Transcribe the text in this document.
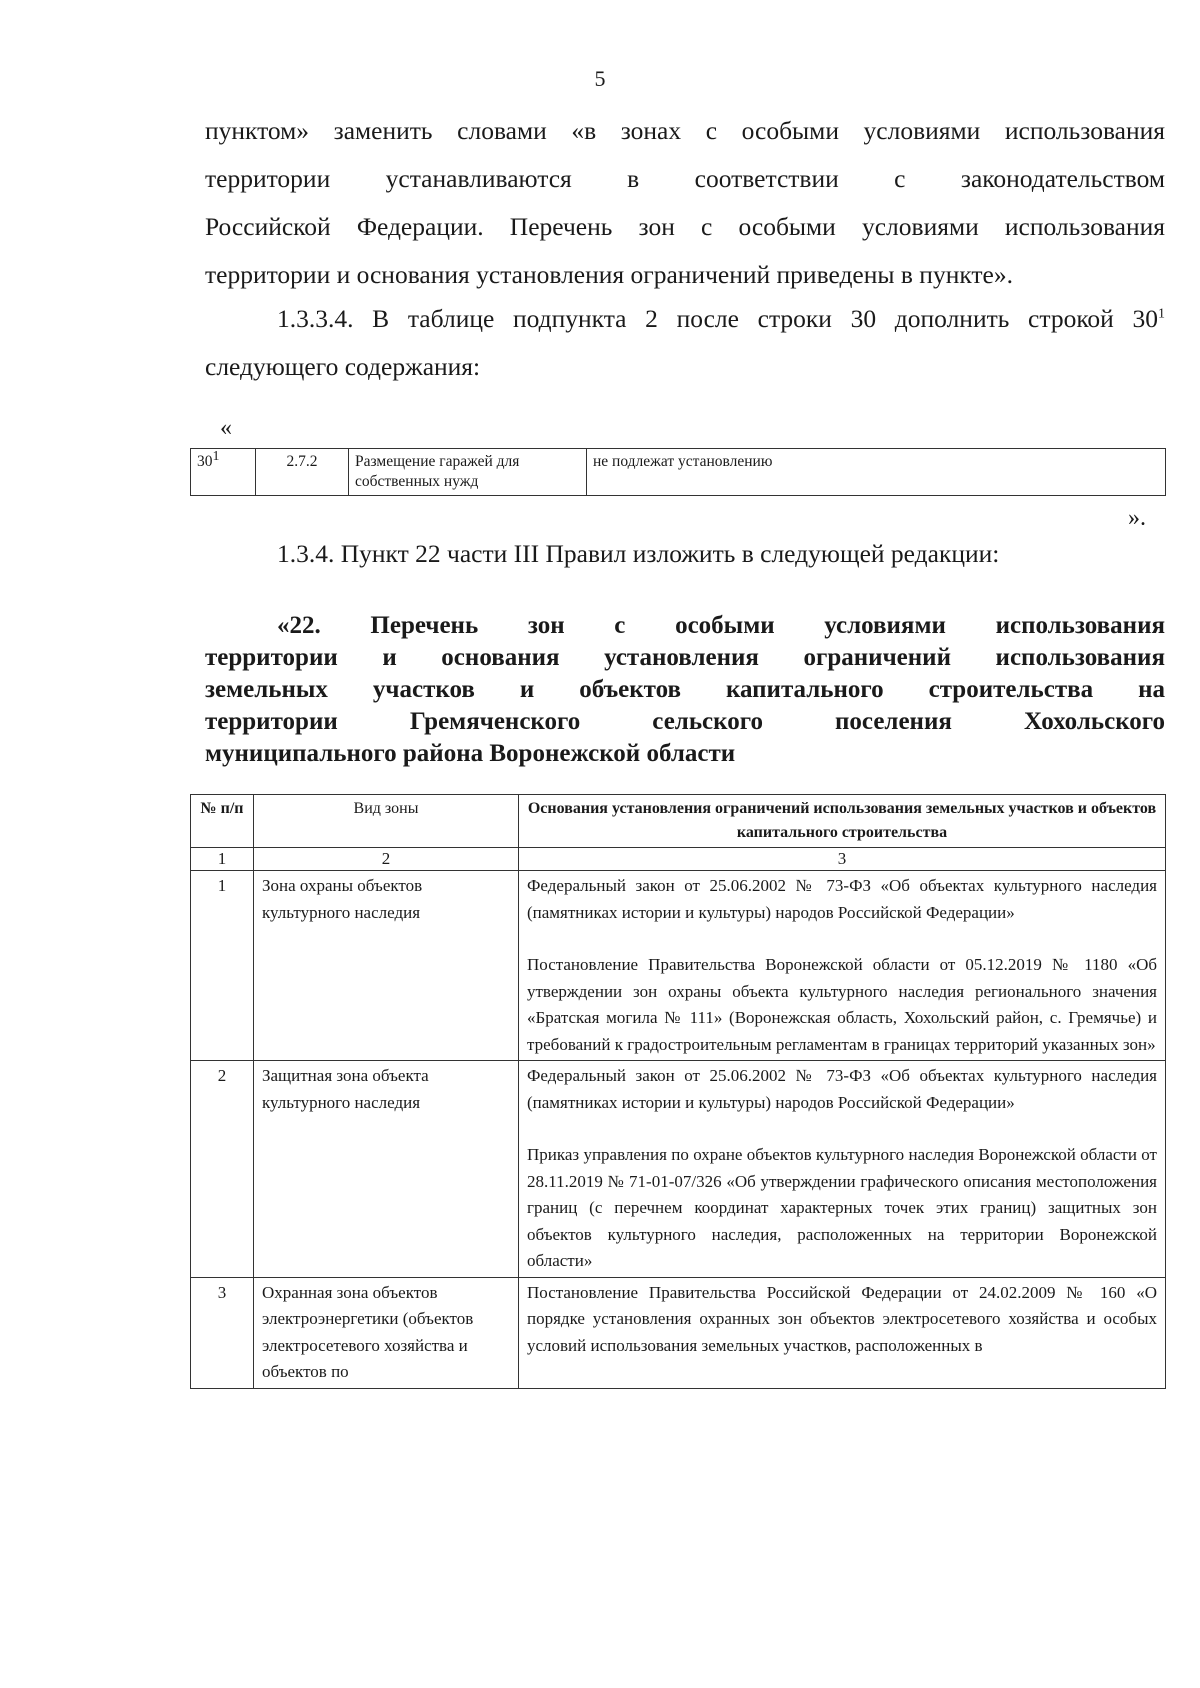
5
пунктом» заменить словами «в зонах с особыми условиями использования
территории устанавливаются в соответствии с законодательством
Российской Федерации. Перечень зон с особыми условиями использования
территории и основания установления ограничений приведены в пункте».
1.3.3.4. В таблице подпункта 2 после строки 30 дополнить строкой $30^1$
следующего содержания:
«
$30^1$	2.7.2	Размещение гаражей для собственных нужд	не подлежат установлению
».
1.3.4. Пункт 22 части III Правил изложить в следующей редакции:
«22. Перечень зон с особыми условиями использования
территории и основания установления ограничений использования
земельных участков и объектов капитального строительства на
территории Гремяченского сельского поселения Хохольского
муниципального района Воронежской области
№ п/п	Вид зоны	Основания установления ограничений использования земельных участков и объектов капитального строительства
1	2	3
1	Зона охраны объектов культурного наследия	Федеральный закон от 25.06.2002 № 73-ФЗ «Об объектах культурного наследия (памятниках истории и культуры) народов Российской Федерации»
Постановление Правительства Воронежской области от 05.12.2019 № 1180 «Об утверждении зон охраны объекта культурного наследия регионального значения «Братская могила № 111» (Воронежская область, Хохольский район, с. Гремячье) и требований к градостроительным регламентам в границах территорий указанных зон»

2	Защитная зона объекта культурного наследия	Федеральный закон от 25.06.2002 № 73-ФЗ «Об объектах культурного наследия (памятниках истории и культуры) народов Российской Федерации»
Приказ управления по охране объектов культурного наследия Воронежской области от 28.11.2019 № 71-01-07/326 «Об утверждении графического описания местоположения границ (с перечнем координат характерных точек этих границ) защитных зон объектов культурного наследия, расположенных на территории Воронежской области»

3	Охранная зона объектов электроэнергетики (объектов электросетевого хозяйства и объектов по	Постановление Правительства Российской Федерации от 24.02.2009 № 160 «О порядке установления охранных зон объектов электросетевого хозяйства и особых условий использования земельных участков, расположенных в
